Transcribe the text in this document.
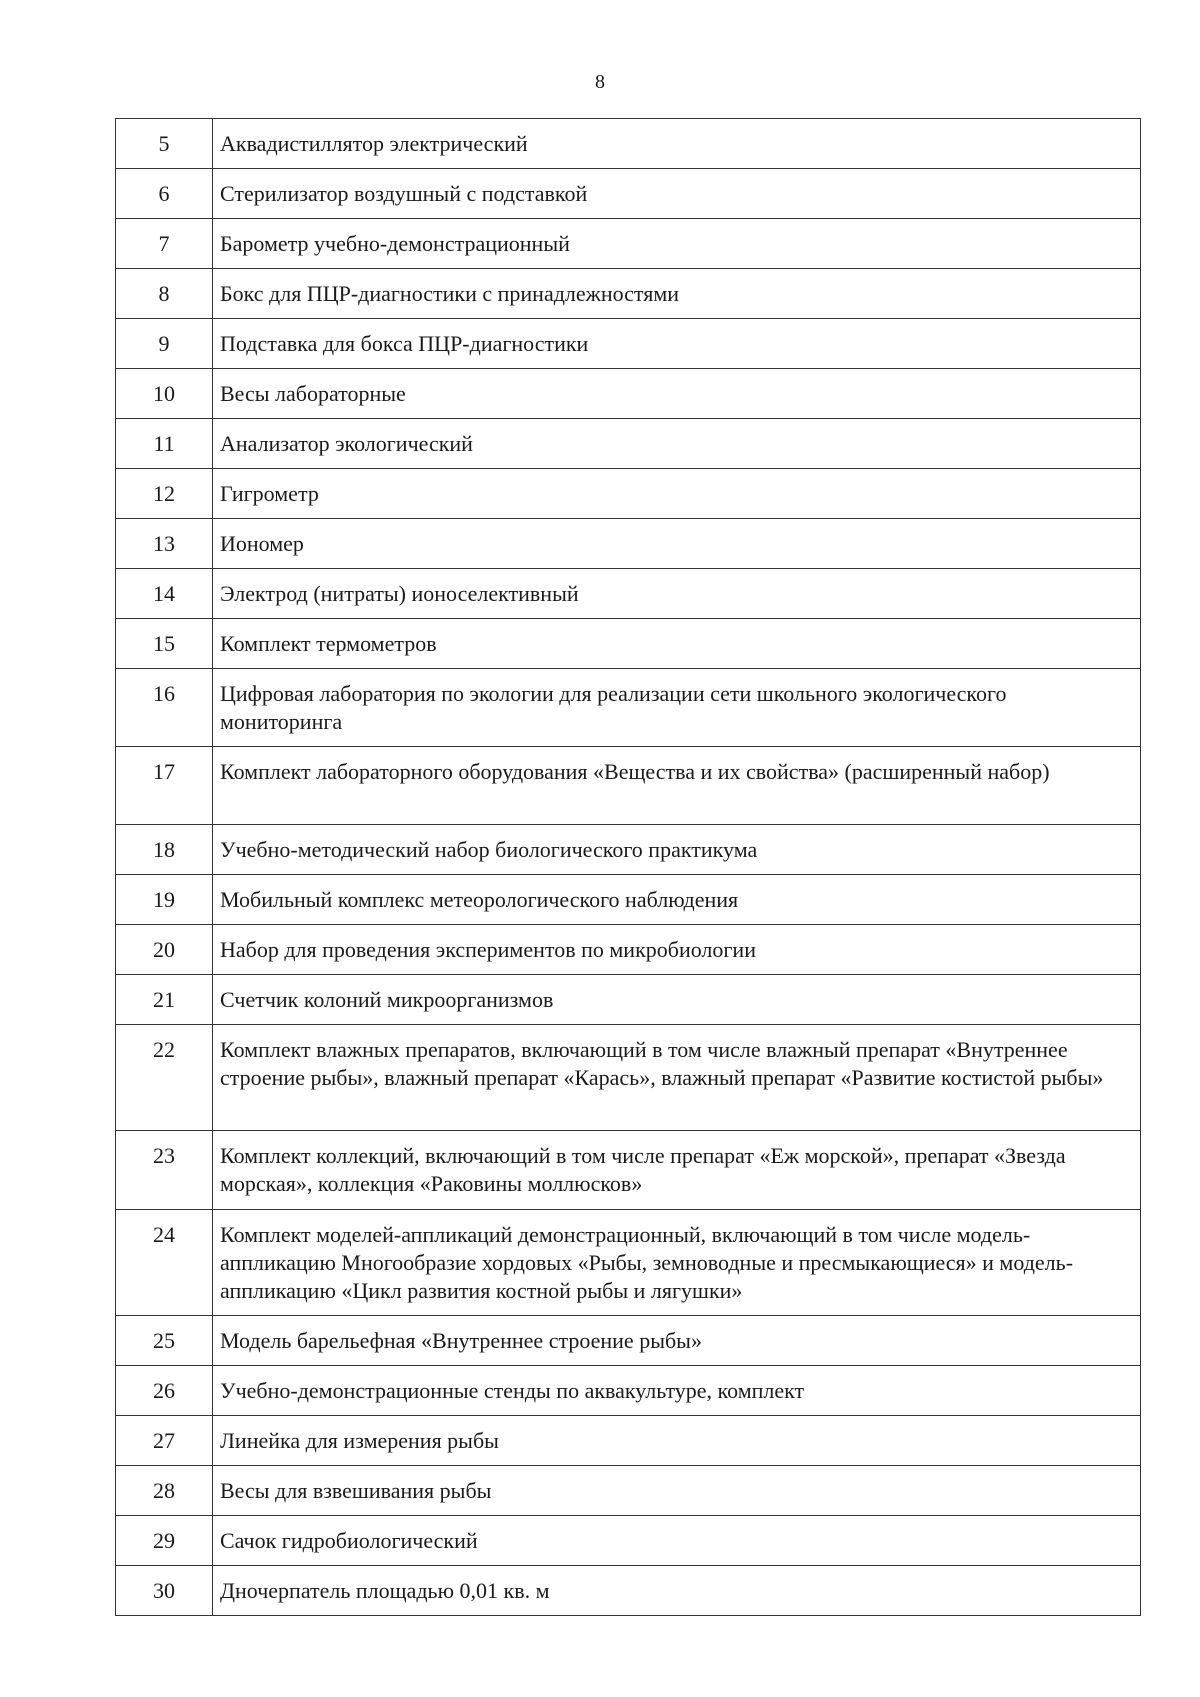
8
5	Аквадистиллятор электрический
6	Стерилизатор воздушный с подставкой
7	Барометр учебно-демонстрационный
8	Бокс для ПЦР-диагностики с принадлежностями
9	Подставка для бокса ПЦР-диагностики
10	Весы лабораторные
11	Анализатор экологический
12	Гигрометр
13	Иономер
14	Электрод (нитраты) ионоселективный
15	Комплект термометров
16	Цифровая лаборатория по экологии для реализации сети школьного экологического мониторинга
17	Комплект лабораторного оборудования «Вещества и их свойства» (расширенный набор)
18	Учебно-методический набор биологического практикума
19	Мобильный комплекс метеорологического наблюдения
20	Набор для проведения экспериментов по микробиологии
21	Счетчик колоний микроорганизмов
22	Комплект влажных препаратов, включающий в том числе влажный препарат «Внутреннее строение рыбы», влажный препарат «Карась», влажный препарат «Развитие костистой рыбы»
23	Комплект коллекций, включающий в том числе препарат «Еж морской», препарат «Звезда морская», коллекция «Раковины моллюсков»
24	Комплект моделей-аппликаций демонстрационный, включающий в том числе модель-аппликацию Многообразие хордовых «Рыбы, земноводные и пресмыкающиеся» и модель-аппликацию «Цикл развития костной рыбы и лягушки»
25	Модель барельефная «Внутреннее строение рыбы»
26	Учебно-демонстрационные стенды по аквакультуре, комплект
27	Линейка для измерения рыбы
28	Весы для взвешивания рыбы
29	Сачок гидробиологический
30	Дночерпатель площадью 0,01 кв. м
